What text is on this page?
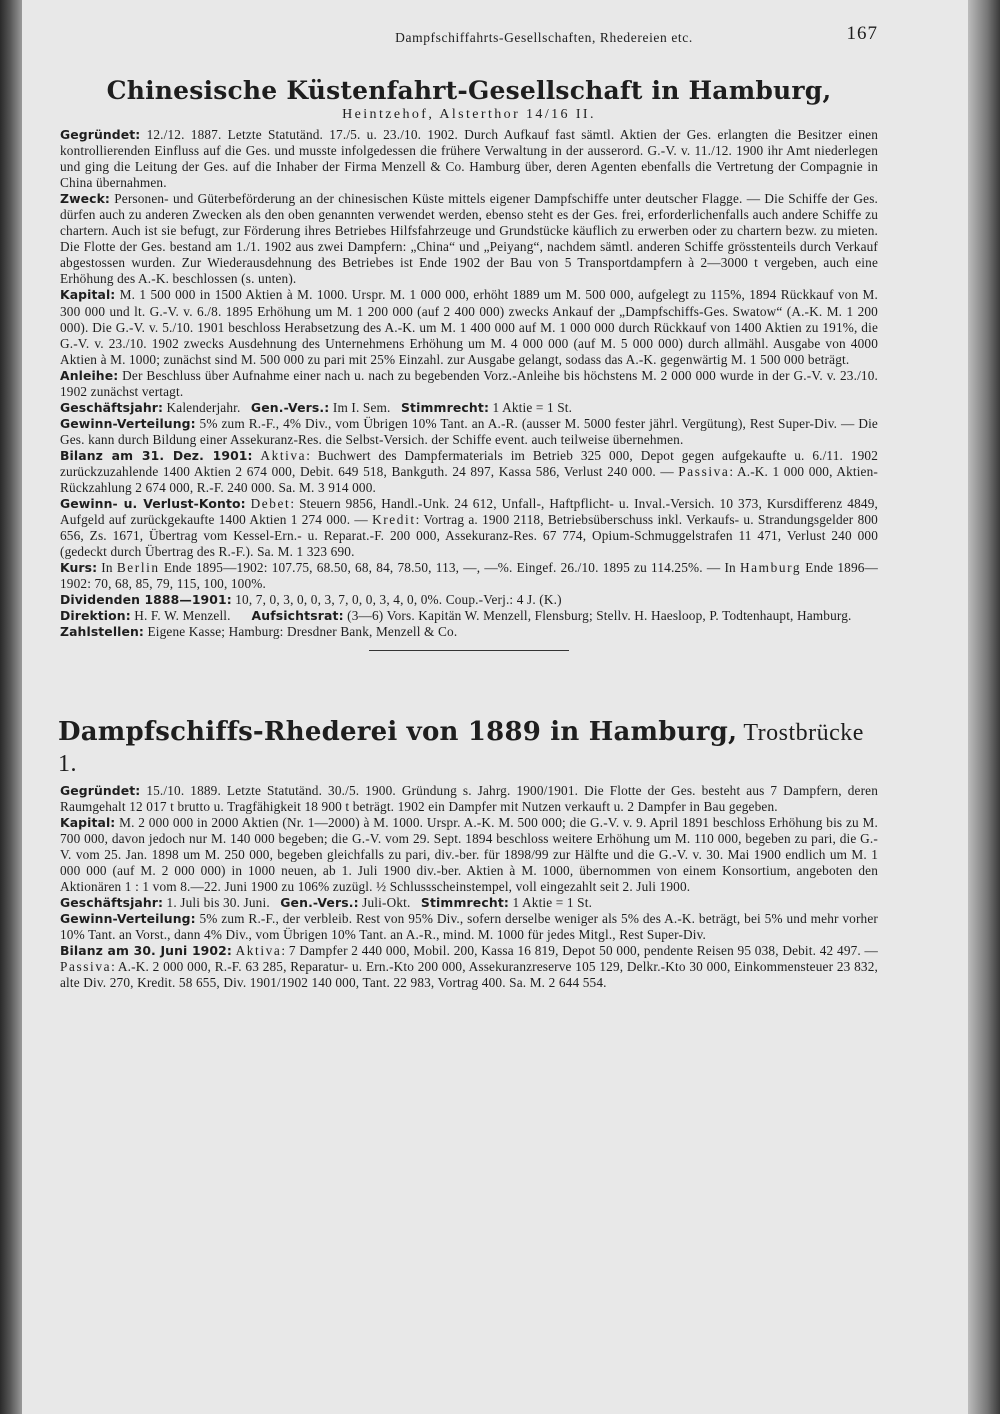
Dampfschiffahrts-Gesellschaften, Rhedereien etc.	167
Chinesische Küstenfahrt-Gesellschaft in Hamburg,
Heintzehof, Alsterthor 14/16 II.

Gegründet: 12./12. 1887. Letzte Statutänd. 17./5. u. 23./10. 1902. Durch Aufkauf fast sämtl. Aktien der Ges. erlangten die Besitzer einen kontrollierenden Einfluss auf die Ges. und musste infolgedessen die frühere Verwaltung in der ausserord. G.-V. v. 11./12. 1900 ihr Amt niederlegen und ging die Leitung der Ges. auf die Inhaber der Firma Menzell & Co. Hamburg über, deren Agenten ebenfalls die Vertretung der Compagnie in China übernahmen.

Zweck: Personen- und Güterbeförderung an der chinesischen Küste mittels eigener Dampfschiffe unter deutscher Flagge. — Die Schiffe der Ges. dürfen auch zu anderen Zwecken als den oben genannten verwendet werden, ebenso steht es der Ges. frei, erforderlichenfalls auch andere Schiffe zu chartern. Auch ist sie befugt, zur Förderung ihres Betriebes Hilfsfahrzeuge und Grundstücke käuflich zu erwerben oder zu chartern bezw. zu mieten. Die Flotte der Ges. bestand am 1./1. 1902 aus zwei Dampfern: „China“ und „Peiyang“, nachdem sämtl. anderen Schiffe grösstenteils durch Verkauf abgestossen wurden. Zur Wiederausdehnung des Betriebes ist Ende 1902 der Bau von 5 Transportdampfern à 2—3000 t vergeben, auch eine Erhöhung des A.-K. beschlossen (s. unten).

Kapital: M. 1 500 000 in 1500 Aktien à M. 1000. Urspr. M. 1 000 000, erhöht 1889 um M. 500 000, aufgelegt zu 115%, 1894 Rückkauf von M. 300 000 und lt. G.-V. v. 6./8. 1895 Erhöhung um M. 1 200 000 (auf 2 400 000) zwecks Ankauf der „Dampfschiffs-Ges. Swatow“ (A.-K. M. 1 200 000). Die G.-V. v. 5./10. 1901 beschloss Herabsetzung des A.-K. um M. 1 400 000 auf M. 1 000 000 durch Rückkauf von 1400 Aktien zu 191%, die G.-V. v. 23./10. 1902 zwecks Ausdehnung des Unternehmens Erhöhung um M. 4 000 000 (auf M. 5 000 000) durch allmähl. Ausgabe von 4000 Aktien à M. 1000; zunächst sind M. 500 000 zu pari mit 25% Einzahl. zur Ausgabe gelangt, sodass das A.-K. gegenwärtig M. 1 500 000 beträgt.

Anleihe: Der Beschluss über Aufnahme einer nach u. nach zu begebenden Vorz.-Anleihe bis höchstens M. 2 000 000 wurde in der G.-V. v. 23./10. 1902 zunächst vertagt.

Geschäftsjahr: Kalenderjahr. Gen.-Vers.: Im I. Sem. Stimmrecht: 1 Aktie = 1 St.

Gewinn-Verteilung: 5% zum R.-F., 4% Div., vom Übrigen 10% Tant. an A.-R. (ausser M. 5000 fester jährl. Vergütung), Rest Super-Div. — Die Ges. kann durch Bildung einer Assekuranz-Res. die Selbst-Versich. der Schiffe event. auch teilweise übernehmen.

Bilanz am 31. Dez. 1901: Aktiva: Buchwert des Dampfermaterials im Betrieb 325 000, Depot gegen aufgekaufte u. 6./11. 1902 zurückzuzahlende 1400 Aktien 2 674 000, Debit. 649 518, Bankguth. 24 897, Kassa 586, Verlust 240 000. — Passiva: A.-K. 1 000 000, Aktien-Rückzahlung 2 674 000, R.-F. 240 000. Sa. M. 3 914 000.

Gewinn- u. Verlust-Konto: Debet: Steuern 9856, Handl.-Unk. 24 612, Unfall-, Haftpflicht- u. Inval.-Versich. 10 373, Kursdifferenz 4849, Aufgeld auf zurückgekaufte 1400 Aktien 1 274 000. — Kredit: Vortrag a. 1900 2118, Betriebsüberschuss inkl. Verkaufs- u. Strandungsgelder 800 656, Zs. 1671, Übertrag vom Kessel-Ern.- u. Reparat.-F. 200 000, Assekuranz-Res. 67 774, Opium-Schmuggelstrafen 11 471, Verlust 240 000 (gedeckt durch Übertrag des R.-F.). Sa. M. 1 323 690.

Kurs: In Berlin Ende 1895—1902: 107.75, 68.50, 68, 84, 78.50, 113, —, —%. Eingef. 26./10. 1895 zu 114.25%. — In Hamburg Ende 1896—1902: 70, 68, 85, 79, 115, 100, 100%.

Dividenden 1888—1901: 10, 7, 0, 3, 0, 0, 3, 7, 0, 0, 3, 4, 0, 0%. Coup.-Verj.: 4 J. (K.)

Direktion: H. F. W. Menzell. Aufsichtsrat: (3—6) Vors. Kapitän W. Menzell, Flensburg; Stellv. H. Haesloop, P. Todtenhaupt, Hamburg.

Zahlstellen: Eigene Kasse; Hamburg: Dresdner Bank, Menzell & Co.

Dampfschiffs-Rhederei von 1889 in Hamburg, Trostbrücke 1.

Gegründet: 15./10. 1889. Letzte Statutänd. 30./5. 1900. Gründung s. Jahrg. 1900/1901. Die Flotte der Ges. besteht aus 7 Dampfern, deren Raumgehalt 12 017 t brutto u. Tragfähigkeit 18 900 t beträgt. 1902 ein Dampfer mit Nutzen verkauft u. 2 Dampfer in Bau gegeben.

Kapital: M. 2 000 000 in 2000 Aktien (Nr. 1—2000) à M. 1000. Urspr. A.-K. M. 500 000; die G.-V. v. 9. April 1891 beschloss Erhöhung bis zu M. 700 000, davon jedoch nur M. 140 000 begeben; die G.-V. vom 29. Sept. 1894 beschloss weitere Erhöhung um M. 110 000, begeben zu pari, die G.-V. vom 25. Jan. 1898 um M. 250 000, begeben gleichfalls zu pari, div.-ber. für 1898/99 zur Hälfte und die G.-V. v. 30. Mai 1900 endlich um M. 1 000 000 (auf M. 2 000 000) in 1000 neuen, ab 1. Juli 1900 div.-ber. Aktien à M. 1000, übernommen von einem Konsortium, angeboten den Aktionären 1 : 1 vom 8.—22. Juni 1900 zu 106% zuzügl. ½ Schlussscheinstempel, voll eingezahlt seit 2. Juli 1900.

Geschäftsjahr: 1. Juli bis 30. Juni. Gen.-Vers.: Juli-Okt. Stimmrecht: 1 Aktie = 1 St.

Gewinn-Verteilung: 5% zum R.-F., der verbleib. Rest von 95% Div., sofern derselbe weniger als 5% des A.-K. beträgt, bei 5% und mehr vorher 10% Tant. an Vorst., dann 4% Div., vom Übrigen 10% Tant. an A.-R., mind. M. 1000 für jedes Mitgl., Rest Super-Div.

Bilanz am 30. Juni 1902: Aktiva: 7 Dampfer 2 440 000, Mobil. 200, Kassa 16 819, Depot 50 000, pendente Reisen 95 038, Debit. 42 497. — Passiva: A.-K. 2 000 000, R.-F. 63 285, Reparatur- u. Ern.-Kto 200 000, Assekuranzreserve 105 129, Delkr.-Kto 30 000, Einkommensteuer 23 832, alte Div. 270, Kredit. 58 655, Div. 1901/1902 140 000, Tant. 22 983, Vortrag 400. Sa. M. 2 644 554.
